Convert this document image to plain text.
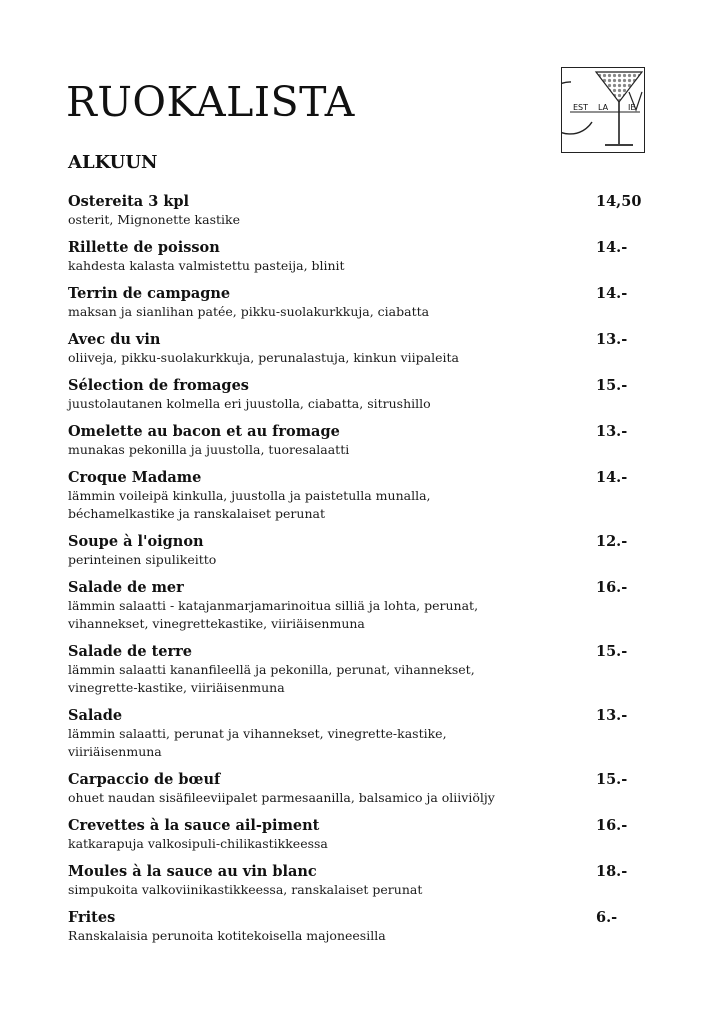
RUOKALISTA	EST LA IE
ALKUUN
Ostereita 3 kpl
osterit, Mignonette kastike
14,50
Rillette de poisson
kahdesta kalasta valmistettu pasteija, blinit
14.-
Terrin de campagne
maksan ja sianlihan patée, pikku-suolakurkkuja, ciabatta
14.-
Avec du vin
oliiveja, pikku-suolakurkkuja, perunalastuja, kinkun viipaleita
13.-
Sélection de fromages
juustolautanen kolmella eri juustolla, ciabatta, sitrushillo
15.-
Omelette au bacon et au fromage
munakas pekonilla ja juustolla, tuoresalaatti
13.-
Croque Madame
lämmin voileipä kinkulla, juustolla ja paistetulla munalla, béchamelkastike ja ranskalaiset perunat
14.-
Soupe à l'oignon
perinteinen sipulikeitto
12.-
Salade de mer
lämmin salaatti - katajanmarjamarinoitua silliä ja lohta, perunat, vihannekset, vinegrettekastike, viiriäisenmuna
16.-
Salade de terre
lämmin salaatti kananfileellä ja pekonilla, perunat, vihannekset, vinegrette-kastike, viiriäisenmuna
15.-
Salade
lämmin salaatti, perunat ja vihannekset, vinegrette-kastike, viiriäisenmuna
13.-
Carpaccio de bœuf
ohuet naudan sisäfileeviipalet parmesaanilla, balsamico ja oliiviöljy
15.-
Crevettes à la sauce ail-piment
katkarapuja valkosipuli-chilikastikkeessa
16.-
Moules à la sauce au vin blanc
simpukoita valkoviinikastikkeessa, ranskalaiset perunat
18.-
Frites
Ranskalaisia perunoita kotitekoisella majoneesilla
6.-
